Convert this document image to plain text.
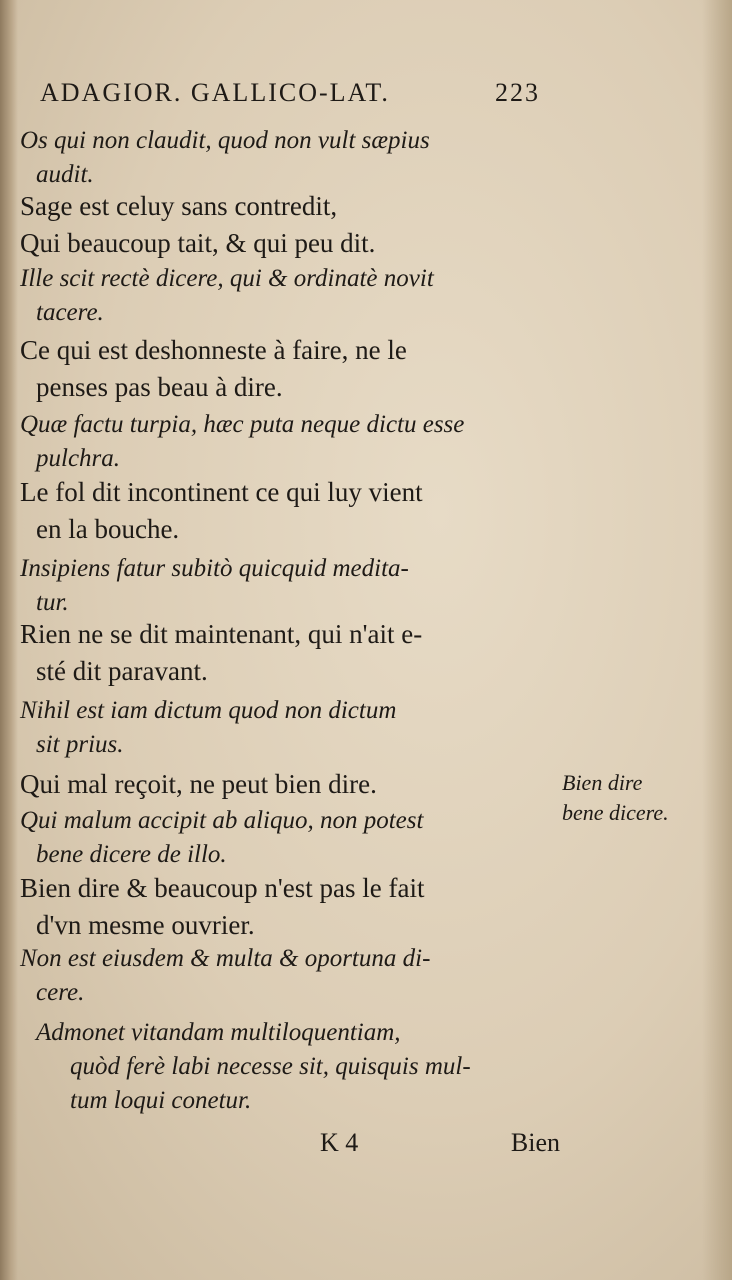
ADAGIOR. GALLICO-LAT.	223

Os qui non claudit, quod non vult sæpius

audit.

Sage est celuy sans contredit,

Qui beaucoup tait, & qui peu dit.

Ille scit rectè dicere, qui & ordinatè novit

tacere.

Ce qui est deshonneste à faire, ne le

penses pas beau à dire.

Quæ factu turpia, hæc puta neque dictu esse

pulchra.

Le fol dit incontinent ce qui luy vient

en la bouche.

Insipiens fatur subitò quicquid medita-

tur.

Rien ne se dit maintenant, qui n'ait e-

sté dit paravant.

Nihil est iam dictum quod non dictum

sit prius.

Qui mal reçoit, ne peut bien dire.

Qui malum accipit ab aliquo, non potest

bene dicere de illo.

Bien dire & beaucoup n'est pas le fait

d'vn mesme ouvrier.

Non est eiusdem & multa & oportuna di-

cere.

Admonet vitandam multiloquentiam,

quòd ferè labi necesse sit, quisquis mul-

tum loqui conetur.

Bien dire
bene dicere.
K 4	Bien
